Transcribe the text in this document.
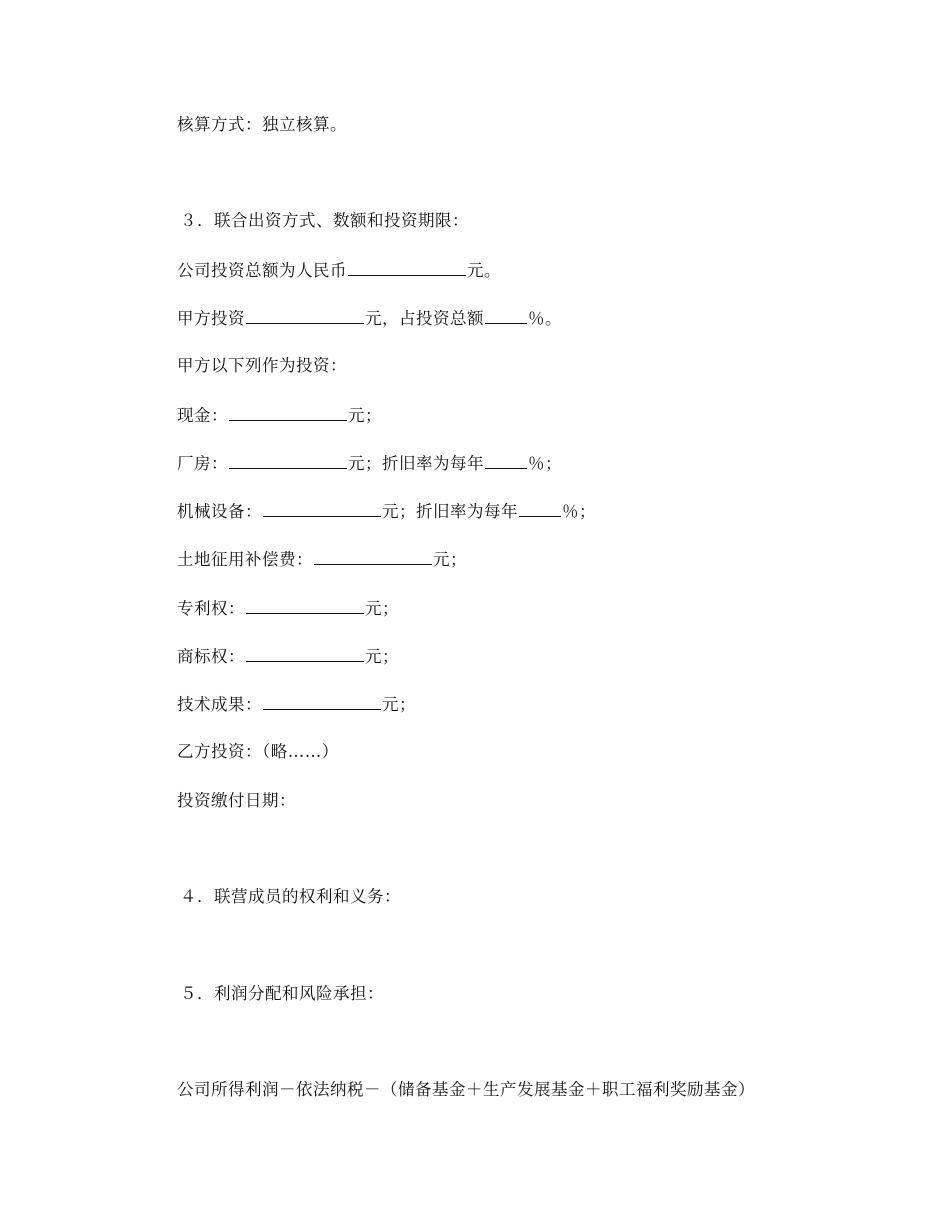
核算方式：独立核算。
３．联合出资方式、数额和投资期限：
公司投资总额为人民币	元。
甲方投资	元，占投资总额	％。
甲方以下列作为投资：
现金：	元；
厂房：	元；折旧率为每年	％；
机械设备：	元；折旧率为每年	％；
土地征用补偿费：	元；
专利权：	元；
商标权：	元；
技术成果：	元；
乙方投资：（略……）
投资缴付日期：
４．联营成员的权利和义务：
５．利润分配和风险承担：
公司所得利润－依法纳税－（储备基金＋生产发展基金＋职工福利奖励基金）
